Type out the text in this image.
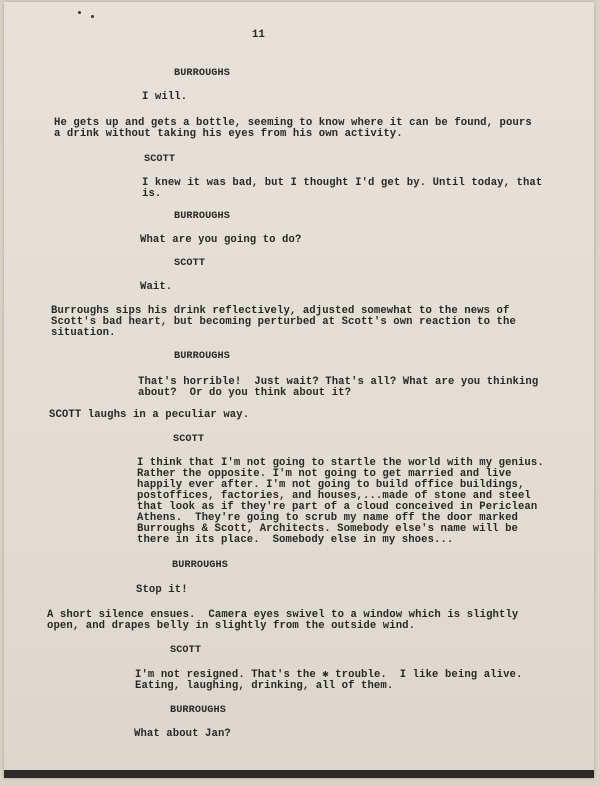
11

BURROUGHS

I will.

He gets up and gets a bottle, seeming to know where it can be found, pours

a drink without taking his eyes from his own activity.

SCOTT

I knew it was bad, but I thought I'd get by. Until today, that

is.

BURROUGHS

What are you going to do?

SCOTT

Wait.

Burroughs sips his drink reflectively, adjusted somewhat to the news of

Scott's bad heart, but becoming perturbed at Scott's own reaction to the

situation.

BURROUGHS

That's horrible!  Just wait? That's all? What are you thinking

about?  Or do you think about it?

SCOTT laughs in a peculiar way.

SCOTT

I think that I'm not going to startle the world with my genius.

Rather the opposite. I'm not going to get married and live

happily ever after. I'm not going to build office buildings,

postoffices, factories, and houses,...made of stone and steel

that look as if they're part of a cloud conceived in Periclean

Athens.  They're going to scrub my name off the door marked

Burroughs & Scott, Architects. Somebody else's name will be

there in its place.  Somebody else in my shoes...

BURROUGHS

Stop it!

A short silence ensues.  Camera eyes swivel to a window which is slightly

open, and drapes belly in slightly from the outside wind.

SCOTT

I'm not resigned. That's the ✱ trouble.  I like being alive.

Eating, laughing, drinking, all of them.

BURROUGHS

What about Jan?
